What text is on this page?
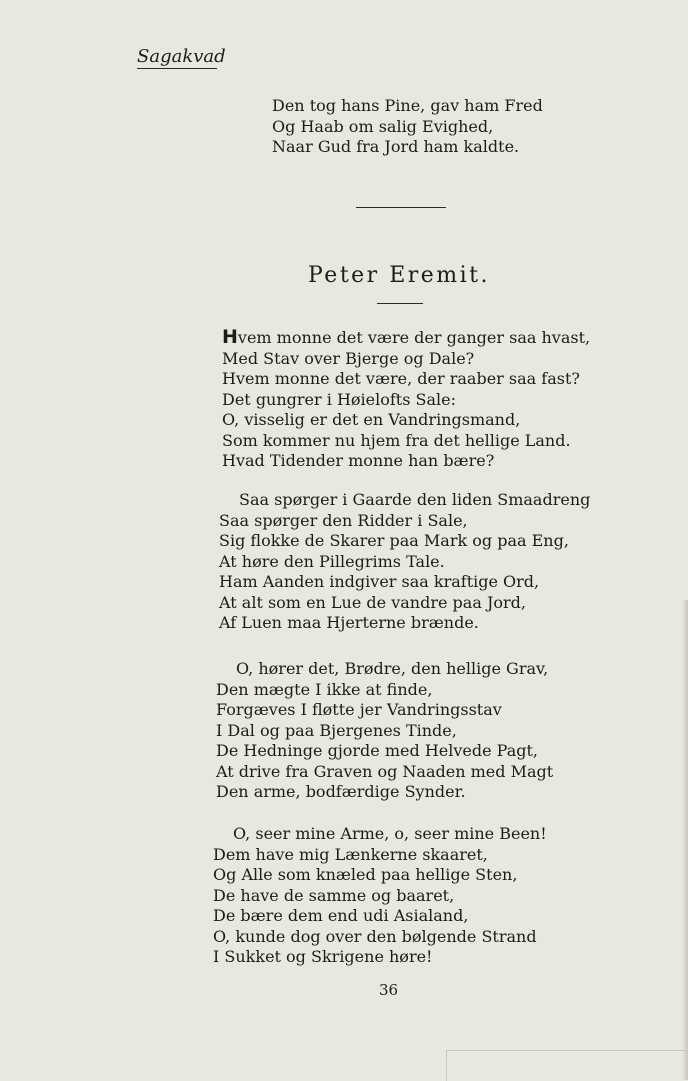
Sagakvad
Den tog hans Pine, gav ham Fred
Og Haab om salig Evighed,
Naar Gud fra Jord ham kaldte.
Peter Eremit.
Hvem monne det være der ganger saa hvast,
Med Stav over Bjerge og Dale?
Hvem monne det være, der raaber saa fast?
Det gungrer i Høielofts Sale:
O, visselig er det en Vandringsmand,
Som kommer nu hjem fra det hellige Land.
Hvad Tidender monne han bære?
Saa spørger i Gaarde den liden Smaadreng
Saa spørger den Ridder i Sale,
Sig flokke de Skarer paa Mark og paa Eng,
At høre den Pillegrims Tale.
Ham Aanden indgiver saa kraftige Ord,
At alt som en Lue de vandre paa Jord,
Af Luen maa Hjerterne brænde.
O, hører det, Brødre, den hellige Grav,
Den mægte I ikke at finde,
Forgæves I fløtte jer Vandringsstav
I Dal og paa Bjergenes Tinde,
De Hedninge gjorde med Helvede Pagt,
At drive fra Graven og Naaden med Magt
Den arme, bodfærdige Synder.
O, seer mine Arme, o, seer mine Been!
Dem have mig Lænkerne skaaret,
Og Alle som knæled paa hellige Sten,
De have de samme og baaret,
De bære dem end udi Asialand,
O, kunde dog over den bølgende Strand
I Sukket og Skrigene høre!
36
